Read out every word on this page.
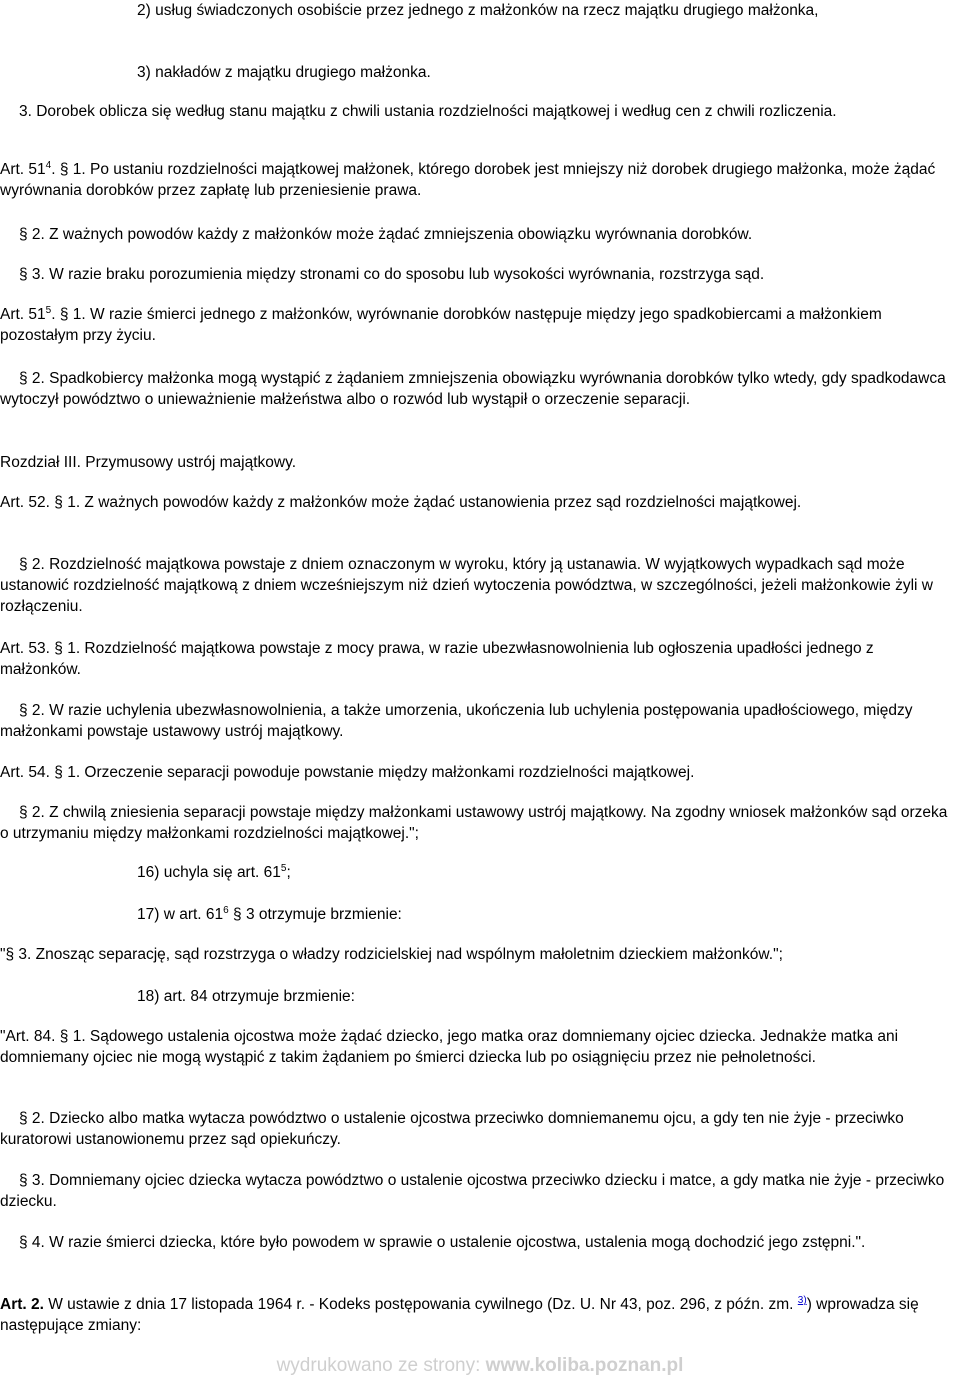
2) usług świadczonych osobiście przez jednego z małżonków na rzecz majątku drugiego małżonka,

3) nakładów z majątku drugiego małżonka.

3. Dorobek oblicza się według stanu majątku z chwili ustania rozdzielności majątkowej i według cen z chwili rozliczenia.

Art. $51^4$. § 1. Po ustaniu rozdzielności majątkowej małżonek, którego dorobek jest mniejszy niż dorobek drugiego małżonka, może żądać wyrównania dorobków przez zapłatę lub przeniesienie prawa.

§ 2. Z ważnych powodów każdy z małżonków może żądać zmniejszenia obowiązku wyrównania dorobków.

§ 3. W razie braku porozumienia między stronami co do sposobu lub wysokości wyrównania, rozstrzyga sąd.

Art. $51^5$. § 1. W razie śmierci jednego z małżonków, wyrównanie dorobków następuje między jego spadkobiercami a małżonkiem pozostałym przy życiu.

§ 2. Spadkobiercy małżonka mogą wystąpić z żądaniem zmniejszenia obowiązku wyrównania dorobków tylko wtedy, gdy spadkodawca wytoczył powództwo o unieważnienie małżeństwa albo o rozwód lub wystąpił o orzeczenie separacji.

Rozdział III. Przymusowy ustrój majątkowy.

Art. 52. § 1. Z ważnych powodów każdy z małżonków może żądać ustanowienia przez sąd rozdzielności majątkowej.

§ 2. Rozdzielność majątkowa powstaje z dniem oznaczonym w wyroku, który ją ustanawia. W wyjątkowych wypadkach sąd może ustanowić rozdzielność majątkową z dniem wcześniejszym niż dzień wytoczenia powództwa, w szczególności, jeżeli małżonkowie żyli w rozłączeniu.

Art. 53. § 1. Rozdzielność majątkowa powstaje z mocy prawa, w razie ubezwłasnowolnienia lub ogłoszenia upadłości jednego z małżonków.

§ 2. W razie uchylenia ubezwłasnowolnienia, a także umorzenia, ukończenia lub uchylenia postępowania upadłościowego, między małżonkami powstaje ustawowy ustrój majątkowy.

Art. 54. § 1. Orzeczenie separacji powoduje powstanie między małżonkami rozdzielności majątkowej.

§ 2. Z chwilą zniesienia separacji powstaje między małżonkami ustawowy ustrój majątkowy. Na zgodny wniosek małżonków sąd orzeka o utrzymaniu między małżonkami rozdzielności majątkowej.";

16) uchyla się art. $61^5$;

17) w art. $61^6$ § 3 otrzymuje brzmienie:

"§ 3. Znosząc separację, sąd rozstrzyga o władzy rodzicielskiej nad wspólnym małoletnim dzieckiem małżonków.";

18) art. 84 otrzymuje brzmienie:

"Art. 84. § 1. Sądowego ustalenia ojcostwa może żądać dziecko, jego matka oraz domniemany ojciec dziecka. Jednakże matka ani domniemany ojciec nie mogą wystąpić z takim żądaniem po śmierci dziecka lub po osiągnięciu przez nie pełnoletności.

§ 2. Dziecko albo matka wytacza powództwo o ustalenie ojcostwa przeciwko domniemanemu ojcu, a gdy ten nie żyje - przeciwko kuratorowi ustanowionemu przez sąd opiekuńczy.

§ 3. Domniemany ojciec dziecka wytacza powództwo o ustalenie ojcostwa przeciwko dziecku i matce, a gdy matka nie żyje - przeciwko dziecku.

§ 4. W razie śmierci dziecka, które było powodem w sprawie o ustalenie ojcostwa, ustalenia mogą dochodzić jego zstępni.".

Art. 2. W ustawie z dnia 17 listopada 1964 r. - Kodeks postępowania cywilnego (Dz. U. Nr 43, poz. 296, z późn. zm. $^{3)}$) wprowadza się następujące zmiany:

wydrukowano ze strony: www.koliba.poznan.pl
